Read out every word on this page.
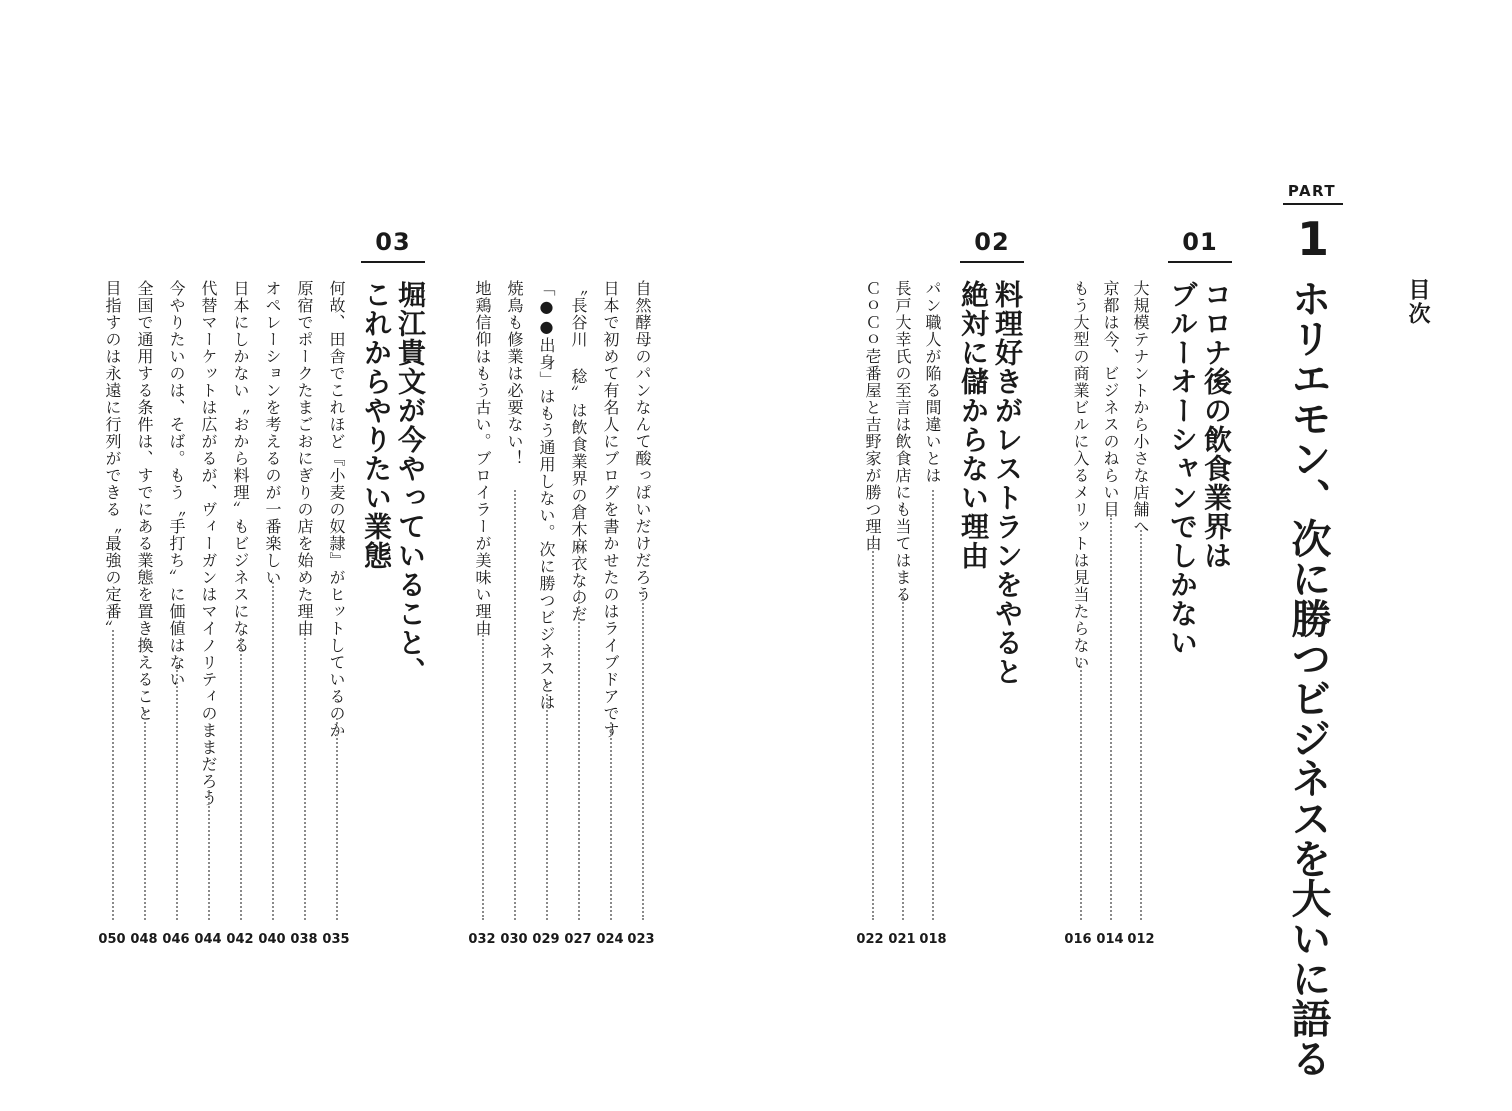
目次
PART
1
ホリエモン、次に勝つビジネスを大いに語る
01
コロナ後の飲食業界は
ブルーオーシャンでしかない
大規模テナントから小さな店舗へ
012
京都は今、ビジネスのねらい目
014
もう大型の商業ビルに入るメリットは見当たらない
016
02
料理好きがレストランをやると
絶対に儲からない理由
パン職人が陥る間違いとは
018
長戸大幸氏の至言は飲食店にも当てはまる
021
ＣｏＣｏ壱番屋と吉野家が勝つ理由
022
自然酵母のパンなんて酸っぱいだけだろう
023
日本で初めて有名人にブログを書かせたのはライブドアです
024
〝長谷川 稔〟は飲食業界の倉木麻衣なのだ
027
「●●出身」はもう通用しない。次に勝つビジネスとは
029
焼鳥も修業は必要ない！
030
地鶏信仰はもう古い。ブロイラーが美味い理由
032
03
堀江貴文が今やっていること、
これからやりたい業態
何故、田舎でこれほど『小麦の奴隷』がヒットしているのか
035
原宿でポークたまごおにぎりの店を始めた理由
038
オペレーションを考えるのが一番楽しい
040
日本にしかない〝おから料理〟もビジネスになる
042
代替マーケットは広がるが、ヴィーガンはマイノリティのままだろう
044
今やりたいのは、そば。もう〝手打ち〟に価値はない
046
全国で通用する条件は、すでにある業態を置き換えること
048
目指すのは永遠に行列ができる〝最強の定番〟
050
